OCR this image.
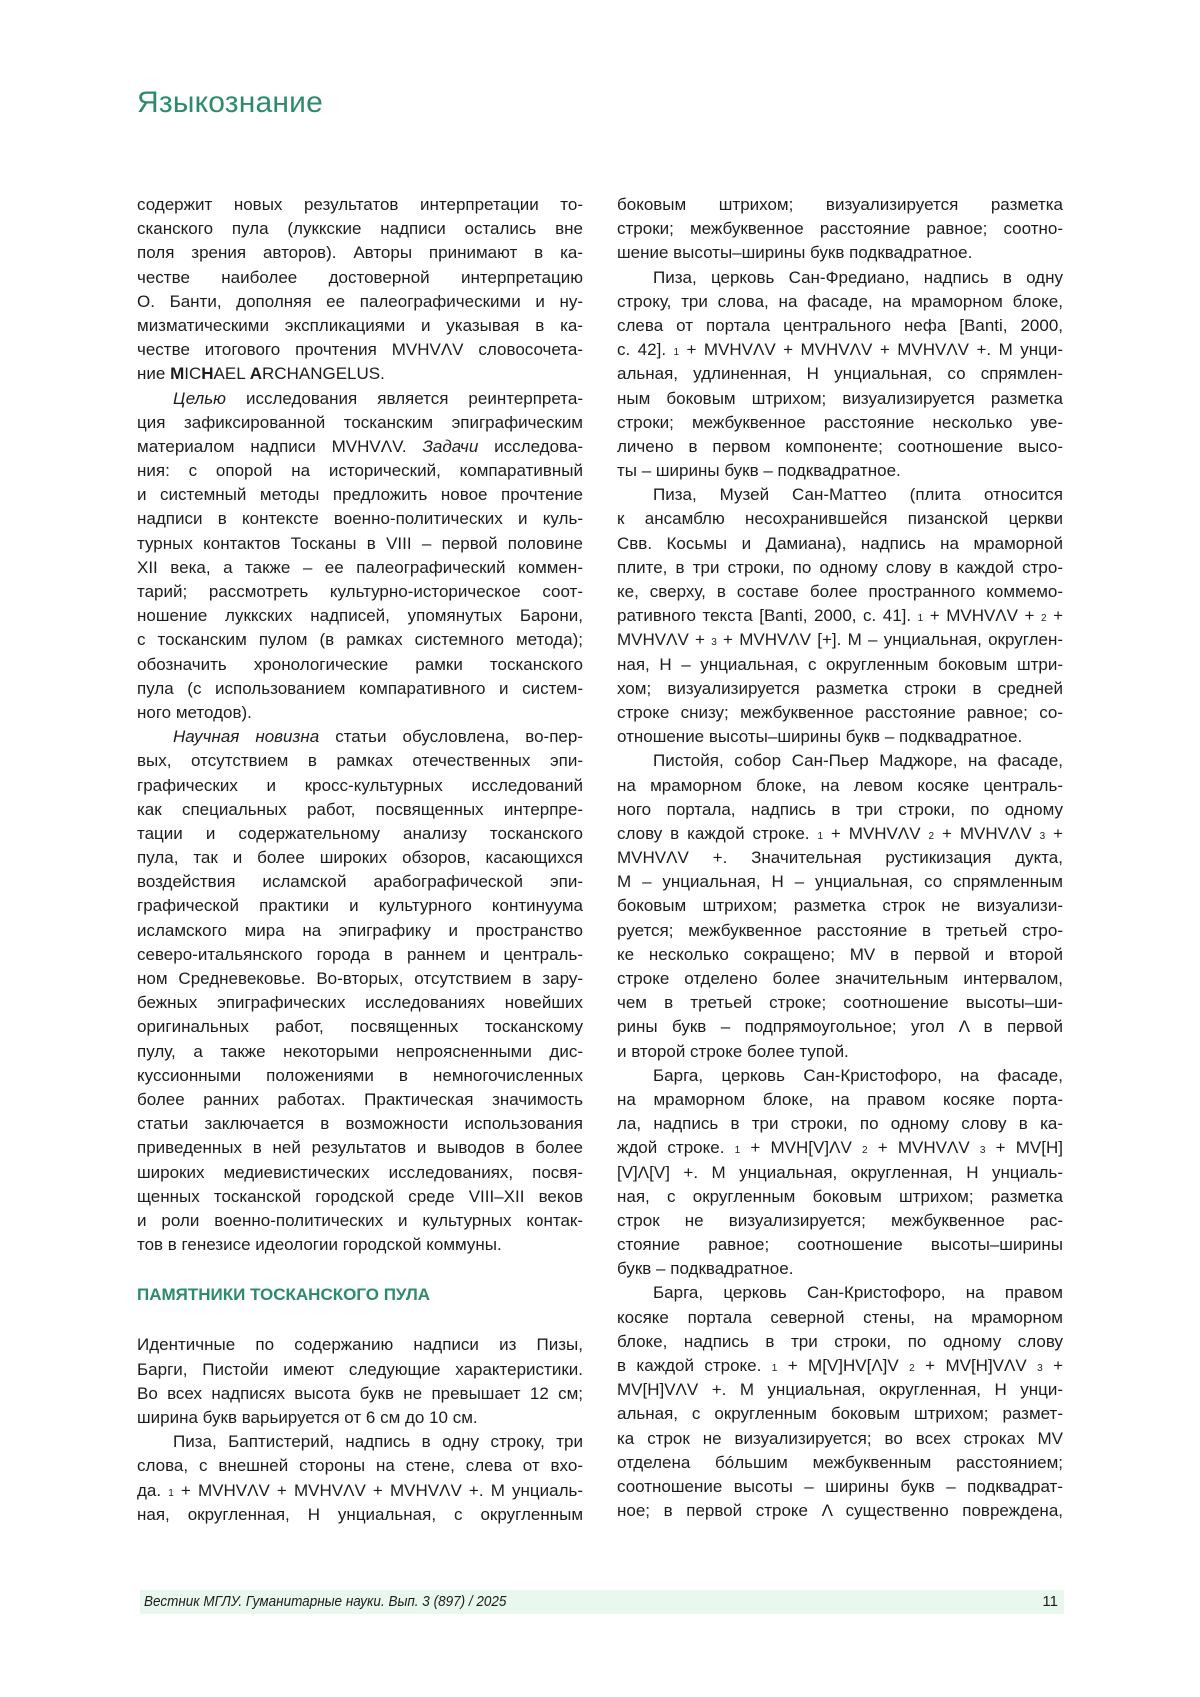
Языкознание
содержит новых результатов интерпретации то-
сканского пула (луккские надписи остались вне
поля зрения авторов). Авторы принимают в ка-
честве наиболее достоверной интерпретацию
О. Банти, дополняя ее палеографическими и ну-
мизматическими экспликациями и указывая в ка-
честве итогового прочтения MVHVΛV словосочета-
ние MICHAEL ARCHANGELUS.
Целью исследования является реинтерпрета-
ция зафиксированной тосканским эпиграфическим
материалом надписи MVHVΛV. Задачи исследова-
ния: с опорой на исторический, компаративный
и системный методы предложить новое прочтение
надписи в контексте военно-политических и куль-
турных контактов Тосканы в VIII – первой половине
XII века, а также – ее палеографический коммен-
тарий; рассмотреть культурно-историческое соот-
ношение луккских надписей, упомянутых Барони,
с тосканским пулом (в рамках системного метода);
обозначить хронологические рамки тосканского
пула (с использованием компаративного и систем-
ного методов).
Научная новизна статьи обусловлена, во-пер-
вых, отсутствием в рамках отечественных эпи-
графических и кросс-культурных исследований
как специальных работ, посвященных интерпре-
тации и содержательному анализу тосканского
пула, так и более широких обзоров, касающихся
воздействия исламской арабографической эпи-
графической практики и культурного континуума
исламского мира на эпиграфику и пространство
северо-итальянского города в раннем и централь-
ном Средневековье. Во-вторых, отсутствием в зару-
бежных эпиграфических исследованиях новейших
оригинальных работ, посвященных тосканскому
пулу, а также некоторыми непроясненными дис-
куссионными положениями в немногочисленных
более ранних работах. Практическая значимость
статьи заключается в возможности использования
приведенных в ней результатов и выводов в более
широких медиевистических исследованиях, посвя-
щенных тосканской городской среде VIII–XII веков
и роли военно-политических и культурных контак-
тов в генезисе идеологии городской коммуны.
ПАМЯТНИКИ ТОСКАНСКОГО ПУЛА
Идентичные по содержанию надписи из Пизы,
Барги, Пистойи имеют следующие характеристики.
Во всех надписях высота букв не превышает 12 см;
ширина букв варьируется от 6 см до 10 см.
Пиза, Баптистерий, надпись в одну строку, три
слова, с внешней стороны на стене, слева от вхо-
да. 1 + MVHVΛV + MVHVΛV + MVHVΛV +. M унциаль-
ная, округленная, H унциальная, с округленным
боковым штрихом; визуализируется разметка
строки; межбуквенное расстояние равное; соотно-
шение высоты–ширины букв подквадратное.
Пиза, церковь Сан-Фредиано, надпись в одну
строку, три слова, на фасаде, на мраморном блоке,
слева от портала центрального нефа [Banti, 2000,
с. 42]. 1 + MVHVΛV + MVHVΛV + MVHVΛV +. M унци-
альная, удлиненная, H унциальная, со спрямлен-
ным боковым штрихом; визуализируется разметка
строки; межбуквенное расстояние несколько уве-
личено в первом компоненте; соотношение высо-
ты – ширины букв – подквадратное.
Пиза, Музей Сан-Маттео (плита относится
к ансамблю несохранившейся пизанской церкви
Свв. Косьмы и Дамиана), надпись на мраморной
плите, в три строки, по одному слову в каждой стро-
ке, сверху, в составе более пространного коммемо-
ративного текста [Banti, 2000, с. 41]. 1 + MVHVΛV + 2 +
MVHVΛV + 3 + MVHVΛV [+]. M – унциальная, округлен-
ная, H – унциальная, с округленным боковым штри-
хом; визуализируется разметка строки в средней
строке снизу; межбуквенное расстояние равное; со-
отношение высоты–ширины букв – подквадратное.
Пистойя, собор Сан-Пьер Маджоре, на фасаде,
на мраморном блоке, на левом косяке централь-
ного портала, надпись в три строки, по одному
слову в каждой строке. 1 + MVHVΛV 2 + MVHVΛV 3 +
MVHVΛV +. Значительная рустикизация дукта,
M – унциальная, H – унциальная, со спрямленным
боковым штрихом; разметка строк не визуализи-
руется; межбуквенное расстояние в третьей стро-
ке несколько сокращено; MV в первой и второй
строке отделено более значительным интервалом,
чем в третьей строке; соотношение высоты–ши-
рины букв – подпрямоугольное; угол Λ в первой
и второй строке более тупой.
Барга, церковь Сан-Кристофоро, на фасаде,
на мраморном блоке, на правом косяке порта-
ла, надпись в три строки, по одному слову в ка-
ждой строке. 1 + MVH[V]ΛV 2 + MVHVΛV 3 + MV[H]
[V]Λ[V] +. M унциальная, округленная, H унциаль-
ная, с округленным боковым штрихом; разметка
строк не визуализируется; межбуквенное рас-
стояние равное; соотношение высоты–ширины
букв – подквадратное.
Барга, церковь Сан-Кристофоро, на правом
косяке портала северной стены, на мраморном
блоке, надпись в три строки, по одному слову
в каждой строке. 1 + M[V]HV[Λ]V 2 + MV[H]VΛV 3 +
MV[H]VΛV +. M унциальная, округленная, H унци-
альная, с округленным боковым штрихом; размет-
ка строк не визуализируется; во всех строках MV
отделена бóльшим межбуквенным расстоянием;
соотношение высоты – ширины букв – подквадрат-
ное; в первой строке Λ существенно повреждена,
Вестник МГЛУ. Гуманитарные науки. Вып. 3 (897) / 2025	11
